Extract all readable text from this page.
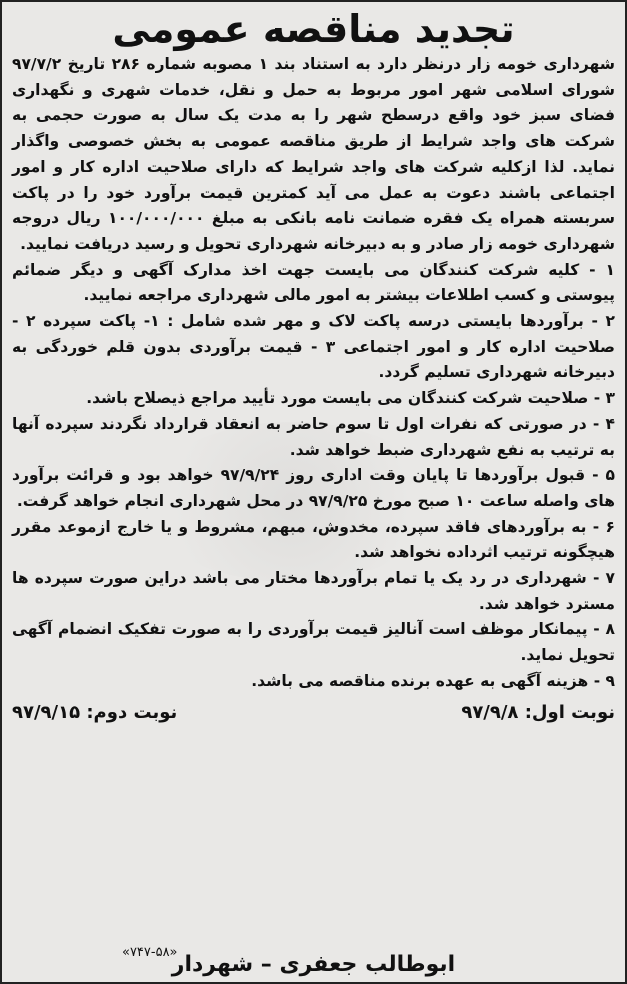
تجدید مناقصه عمومی

شهرداری خومه زار درنظر دارد به استناد بند ۱ مصوبه شماره ۲۸۶ تاریخ ۹۷/۷/۲ شورای اسلامی شهر امور مربوط به حمل و نقل، خدمات شهری و نگهداری فضای سبز خود واقع درسطح شهر را به مدت یک سال به صورت حجمی به شرکت های واجد شرایط از طریق مناقصه عمومی به بخش خصوصی واگذار نماید. لذا ازکلیه شرکت های واجد شرایط که دارای صلاحیت اداره کار و امور اجتماعی باشند دعوت به عمل می آید کمترین قیمت برآورد خود را در پاکت سربسته همراه یک فقره ضمانت نامه بانکی به مبلغ ۱۰۰/۰۰۰/۰۰۰ ریال دروجه شهرداری خومه زار صادر و به دبیرخانه شهرداری تحویل و رسید دریافت نمایید.

۱ - کلیه شرکت کنندگان می بایست جهت اخذ مدارک آگهی و دیگر ضمائم پیوستی و کسب اطلاعات بیشتر به امور مالی شهرداری مراجعه نمایید.
۲ - برآوردها بایستی درسه پاکت لاک و مهر شده شامل : ۱- پاکت سپرده ۲ - صلاحیت اداره کار و امور اجتماعی ۳ - قیمت برآوردی بدون قلم خوردگی به دبیرخانه شهرداری تسلیم گردد.
۳ - صلاحیت شرکت کنندگان می بایست مورد تأیید مراجع ذیصلاح باشد.
۴ - در صورتی که نفرات اول تا سوم حاضر به انعقاد قرارداد نگردند سپرده آنها به ترتیب به نفع شهرداری ضبط خواهد شد.
۵ - قبول برآوردها تا پایان وقت اداری روز ۹۷/۹/۲۴ خواهد بود و قرائت برآورد های واصله ساعت ۱۰ صبح مورخ ۹۷/۹/۲۵ در محل شهرداری انجام خواهد گرفت.
۶ - به برآوردهای فاقد سپرده، مخدوش، مبهم، مشروط و یا خارج ازموعد مقرر هیچگونه ترتیب اثرداده نخواهد شد.
۷ - شهرداری در رد یک یا تمام برآوردها مختار می باشد دراین صورت سپرده ها مسترد خواهد شد.
۸ - پیمانکار موظف است آنالیز قیمت برآوردی را به صورت تفکیک انضمام آگهی تحویل نماید.
۹ - هزینه آگهی به عهده برنده مناقصه می باشد.
نوبت اول: ۹۷/۹/۸
نوبت دوم: ۹۷/۹/۱۵
«۷۴۷-۵۸»
ابوطالب جعفری – شهردار
